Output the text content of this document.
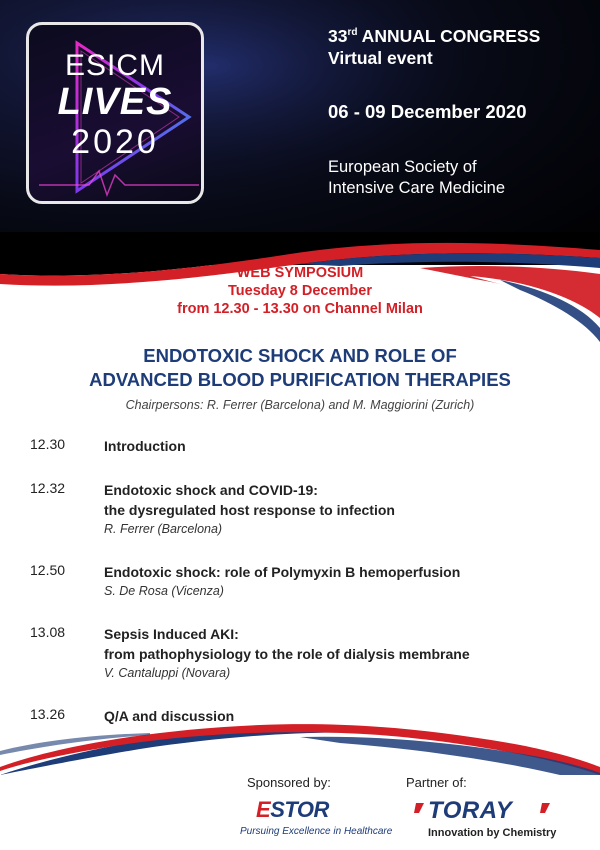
ESICM
LIVES
2020
33rd ANNUAL CONGRESS
Virtual event
06 - 09 December 2020
European Society of
Intensive Care Medicine
WEB SYMPOSIUM
Tuesday 8 December
from 12.30 - 13.30 on Channel Milan
ENDOTOXIC SHOCK AND ROLE OF
ADVANCED BLOOD PURIFICATION THERAPIES
Chairpersons: R. Ferrer (Barcelona) and M. Maggiorini (Zurich)
12.30	Introduction
12.32	Endotoxic shock and COVID-19:
the dysregulated host response to infection
R. Ferrer (Barcelona)
12.50	Endotoxic shock: role of Polymyxin B hemoperfusion
S. De Rosa (Vicenza)
13.08	Sepsis Induced AKI:
from pathophysiology to the role of dialysis membrane
V. Cantaluppi (Novara)
13.26	Q/A and discussion
Sponsored by:	Partner of:
ESTOR
Pursuing Excellence in Healthcare
TORAY
Innovation by Chemistry
